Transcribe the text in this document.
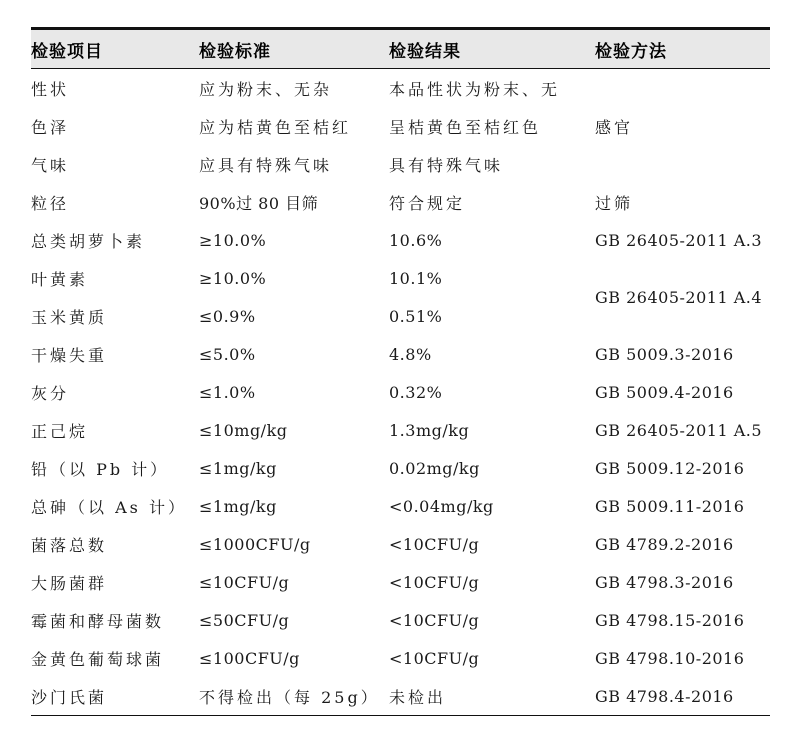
检验项目	检验标准	检验结果	检验方法
性状	应为粉末、无杂	本品性状为粉末、无	
色泽	应为桔黄色至桔红	呈桔黄色至桔红色	感官
气味	应具有特殊气味	具有特殊气味	
粒径	90%过 80 目筛	符合规定	过筛
总类胡萝卜素	≥10.0%	10.6%	GB 26405-2011 A.3
叶黄素	≥10.0%	10.1%	GB 26405-2011 A.4
玉米黄质	≤0.9%	0.51%	
干燥失重	≤5.0%	4.8%	GB 5009.3-2016
灰分	≤1.0%	0.32%	GB 5009.4-2016
正己烷	≤10mg/kg	1.3mg/kg	GB 26405-2011 A.5
铅（以 Pb 计）	≤1mg/kg	0.02mg/kg	GB 5009.12-2016
总砷（以 As 计）	≤1mg/kg	<0.04mg/kg	GB 5009.11-2016
菌落总数	≤1000CFU/g	<10CFU/g	GB 4789.2-2016
大肠菌群	≤10CFU/g	<10CFU/g	GB 4798.3-2016
霉菌和酵母菌数	≤50CFU/g	<10CFU/g	GB 4798.15-2016
金黄色葡萄球菌	≤100CFU/g	<10CFU/g	GB 4798.10-2016
沙门氏菌	不得检出（每 25g）	未检出	GB 4798.4-2016
